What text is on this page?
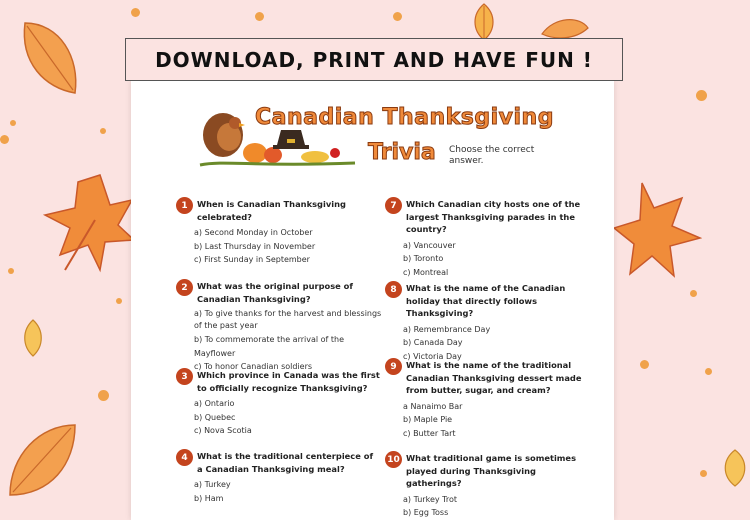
DOWNLOAD, PRINT AND HAVE FUN !
Canadian Thanksgiving
Trivia Choose the correct answer.
1	When is Canadian Thanksgiving celebrated?
a) Second Monday in October
b) Last Thursday in November
c) First Sunday in September
2	What was the original purpose of Canadian Thanksgiving?
a) To give thanks for the harvest and blessings of the past year
b) To commemorate the arrival of the Mayflower
c) To honor Canadian soldiers
3	Which province in Canada was the first to officially recognize Thanksgiving?
a) Ontario
b) Quebec
c) Nova Scotia
4	What is the traditional centerpiece of a Canadian Thanksgiving meal?
a) Turkey
b) Ham
7	Which Canadian city hosts one of the largest Thanksgiving parades in the country?
a) Vancouver
b) Toronto
c) Montreal
8	What is the name of the Canadian holiday that directly follows Thanksgiving?
a) Remembrance Day
b) Canada Day
c) Victoria Day
9	What is the name of the traditional Canadian Thanksgiving dessert made from butter, sugar, and cream?
a Nanaimo Bar
b) Maple Pie
c) Butter Tart
10 What traditional game is sometimes played during Thanksgiving gatherings?
a) Turkey Trot
b) Egg Toss
